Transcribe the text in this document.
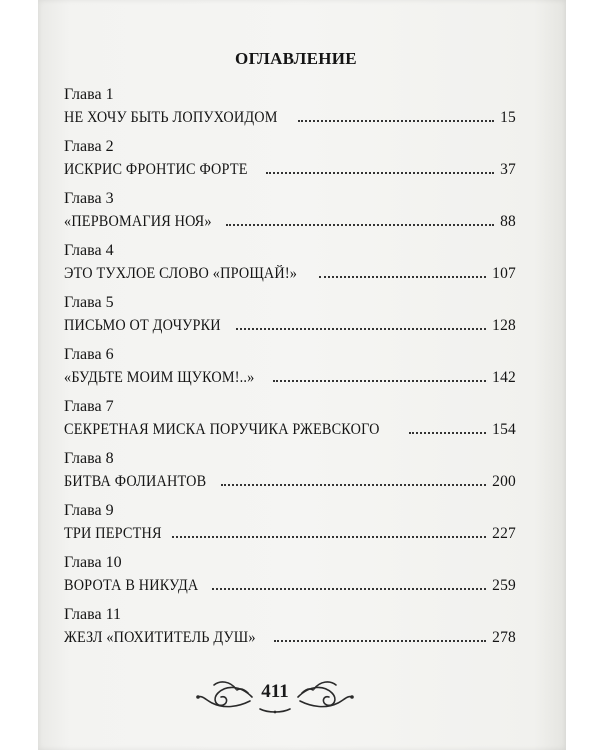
ОГЛАВЛЕНИЕ
Глава 1
НЕ ХОЧУ БЫТЬ ЛОПУХОИДОМ	15
Глава 2
ИСКРИС ФРОНТИС ФОРТЕ	37
Глава 3
«ПЕРВОМАГИЯ НОЯ»	88
Глава 4
ЭТО ТУХЛОЕ СЛОВО «ПРОЩАЙ!»	107
Глава 5
ПИСЬМО ОТ ДОЧУРКИ	128
Глава 6
«БУДЬТЕ МОИМ ЩУКОМ!..»	142
Глава 7
СЕКРЕТНАЯ МИСКА ПОРУЧИКА РЖЕВСКОГО	154
Глава 8
БИТВА ФОЛИАНТОВ	200
Глава 9
ТРИ ПЕРСТНЯ	227
Глава 10
ВОРОТА В НИКУДА	259
Глава 11
ЖЕЗЛ «ПОХИТИТЕЛЬ ДУШ»	278
411
